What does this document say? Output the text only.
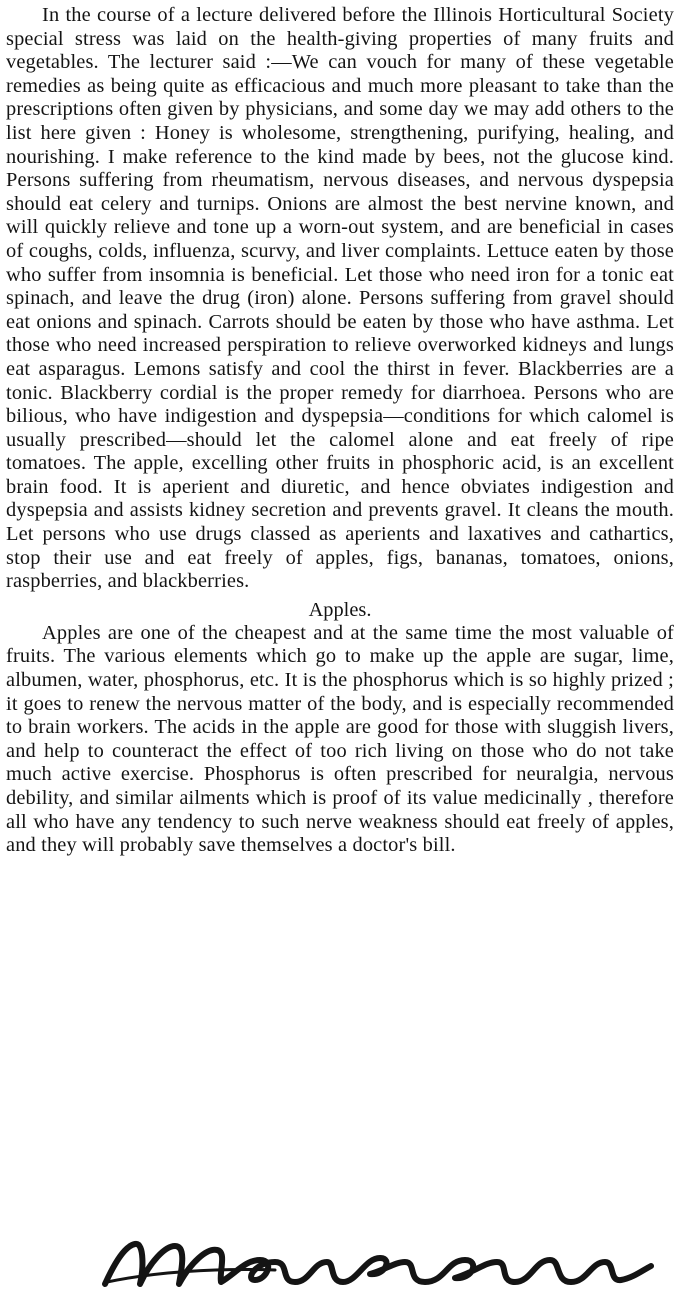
In the course of a lecture delivered before the Illinois Horticultural Society special stress was laid on the health-giving properties of many fruits and vegetables. The lecturer said :—We can vouch for many of these vegetable remedies as being quite as efficacious and much more pleasant to take than the prescriptions often given by physicians, and some day we may add others to the list here given : Honey is wholesome, strengthening, purifying, healing, and nourishing. I make reference to the kind made by bees, not the glucose kind. Persons suffering from rheumatism, nervous diseases, and nervous dyspepsia should eat celery and turnips. Onions are almost the best nervine known, and will quickly relieve and tone up a worn-out system, and are beneficial in cases of coughs, colds, influenza, scurvy, and liver complaints. Lettuce eaten by those who suffer from insomnia is beneficial. Let those who need iron for a tonic eat spinach, and leave the drug (iron) alone. Persons suffering from gravel should eat onions and spinach. Carrots should be eaten by those who have asthma. Let those who need increased perspiration to relieve overworked kidneys and lungs eat asparagus. Lemons satisfy and cool the thirst in fever. Blackberries are a tonic. Blackberry cordial is the proper remedy for diarrhoea. Persons who are bilious, who have indigestion and dyspepsia—conditions for which calomel is usually prescribed—should let the calomel alone and eat freely of ripe tomatoes. The apple, excelling other fruits in phosphoric acid, is an excellent brain food. It is aperient and diuretic, and hence obviates indigestion and dyspepsia and assists kidney secretion and prevents gravel. It cleans the mouth. Let persons who use drugs classed as aperients and laxatives and cathartics, stop their use and eat freely of apples, figs, bananas, tomatoes, onions, raspberries, and blackberries.

Apples.

Apples are one of the cheapest and at the same time the most valuable of fruits. The various elements which go to make up the apple are sugar, lime, albumen, water, phosphorus, etc. It is the phosphorus which is so highly prized ; it goes to renew the nervous matter of the body, and is especially recommended to brain workers. The acids in the apple are good for those with sluggish livers, and help to counteract the effect of too rich living on those who do not take much active exercise. Phosphorus is often prescribed for neuralgia, nervous debility, and similar ailments which is proof of its value medicinally , therefore all who have any tendency to such nerve weakness should eat freely of apples, and they will probably save themselves a doctor's bill.
